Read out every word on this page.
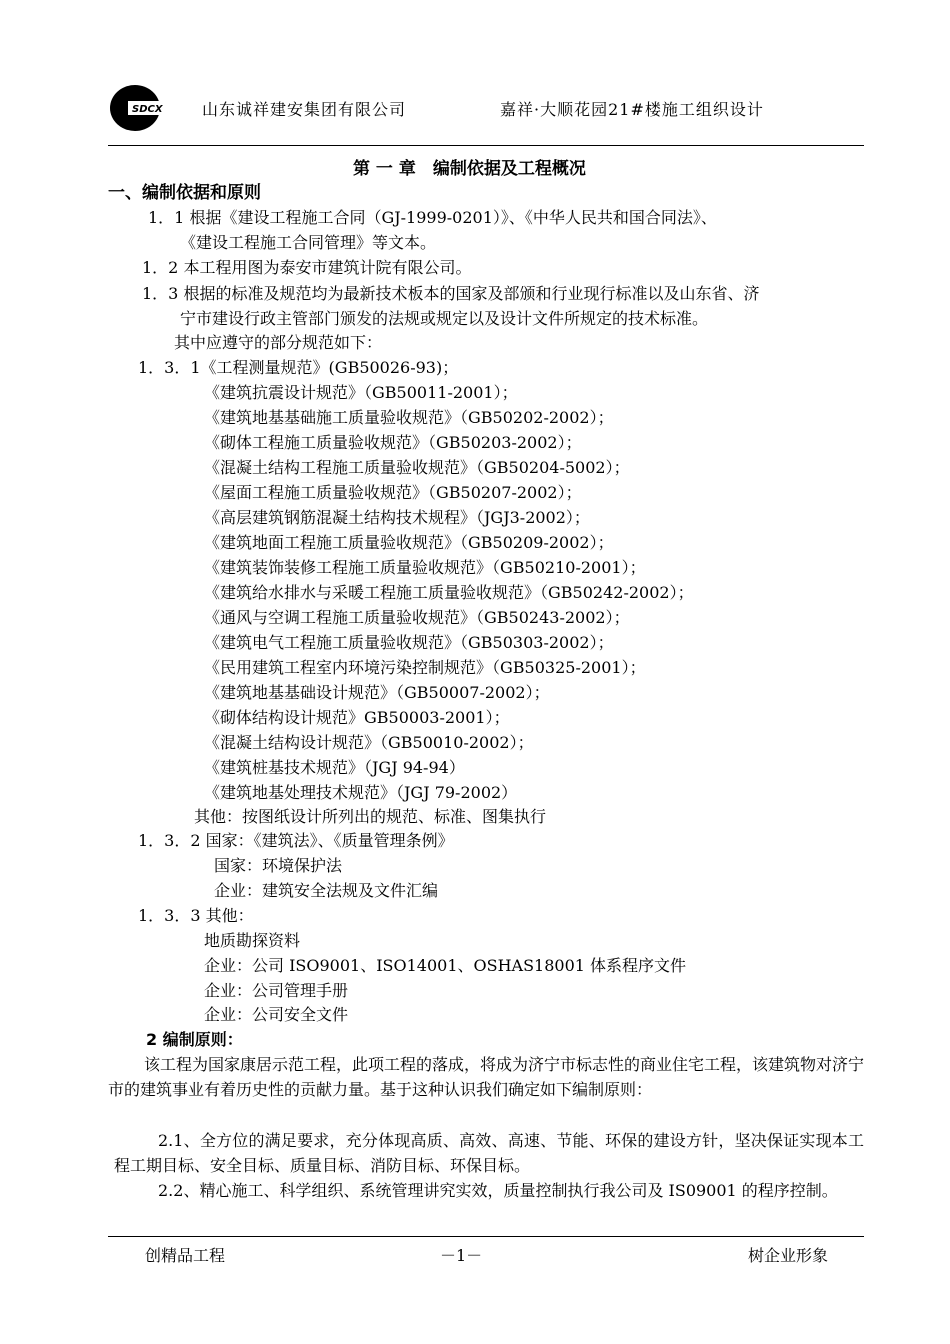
SDCX 山东诚祥建安集团有限公司	嘉祥·大顺花园21#楼施工组织设计
第 一 章　编制依据及工程概况
一、编制依据和原则
1．1 根据《建设工程施工合同（GJ-1999-0201）》、《中华人民共和国合同法》、
《建设工程施工合同管理》等文本。
1．2 本工程用图为泰安市建筑计院有限公司。
1．3 根据的标准及规范均为最新技术板本的国家及部颁和行业现行标准以及山东省、济
宁市建设行政主管部门颁发的法规或规定以及设计文件所规定的技术标准。
其中应遵守的部分规范如下：
1．3．1《工程测量规范》(GB50026-93)；
《建筑抗震设计规范》（GB50011-2001）；
《建筑地基基础施工质量验收规范》（GB50202-2002）；
《砌体工程施工质量验收规范》（GB50203-2002）；
《混凝土结构工程施工质量验收规范》（GB50204-5002）；
《屋面工程施工质量验收规范》（GB50207-2002）；
《高层建筑钢筋混凝土结构技术规程》（JGJ3-2002）；
《建筑地面工程施工质量验收规范》（GB50209-2002）；
《建筑装饰装修工程施工质量验收规范》（GB50210-2001）；
《建筑给水排水与采暖工程施工质量验收规范》（GB50242-2002）；
《通风与空调工程施工质量验收规范》（GB50243-2002）；
《建筑电气工程施工质量验收规范》（GB50303-2002）；
《民用建筑工程室内环境污染控制规范》（GB50325-2001）；
《建筑地基基础设计规范》（GB50007-2002）；
《砌体结构设计规范》GB50003-2001）；
《混凝土结构设计规范》（GB50010-2002）；
《建筑桩基技术规范》（JGJ 94-94）
《建筑地基处理技术规范》（JGJ 79-2002）
其他：按图纸设计所列出的规范、标准、图集执行
1．3．2 国家：《建筑法》、《质量管理条例》
国家：环境保护法
企业：建筑安全法规及文件汇编
1．3．3 其他：
地质勘探资料
企业：公司 ISO9001、ISO14001、OSHAS18001 体系程序文件
企业：公司管理手册
企业：公司安全文件
2 编制原则：
该工程为国家康居示范工程，此项工程的落成，将成为济宁市标志性的商业住宅工程，该建筑物对济宁市的建筑事业有着历史性的贡献力量。基于这种认识我们确定如下编制原则：
2.1、全方位的满足要求，充分体现高质、高效、高速、节能、环保的建设方针，坚决保证实现本工程工期目标、安全目标、质量目标、消防目标、环保目标。
2.2、精心施工、科学组织、系统管理讲究实效，质量控制执行我公司及 IS09001 的程序控制。
创精品工程	－1－	树企业形象
